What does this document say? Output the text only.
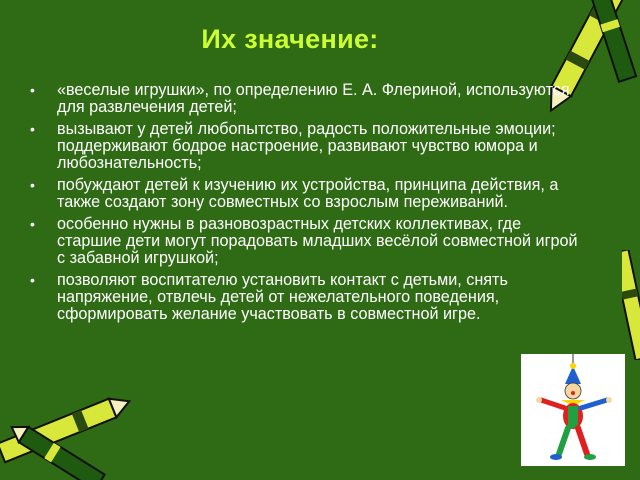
Их значение:
• «веселые игрушки», по определению Е. А. Флериной, используются для развлечения детей;
• вызывают у детей любопытство, радость положительные эмоции; поддерживают бодрое настроение, развивают чувство юмора и любознательность;
• побуждают детей к изучению их устройства, принципа действия, а также создают зону совместных со взрослым переживаний.
• особенно нужны в разновозрастных детских коллективах, где старшие дети могут порадовать младших весёлой совместной игрой с забавной игрушкой;
• позволяют воспитателю установить контакт с детьми, снять напряжение, отвлечь детей от нежелательного поведения, сформировать желание участвовать в совместной игре.
